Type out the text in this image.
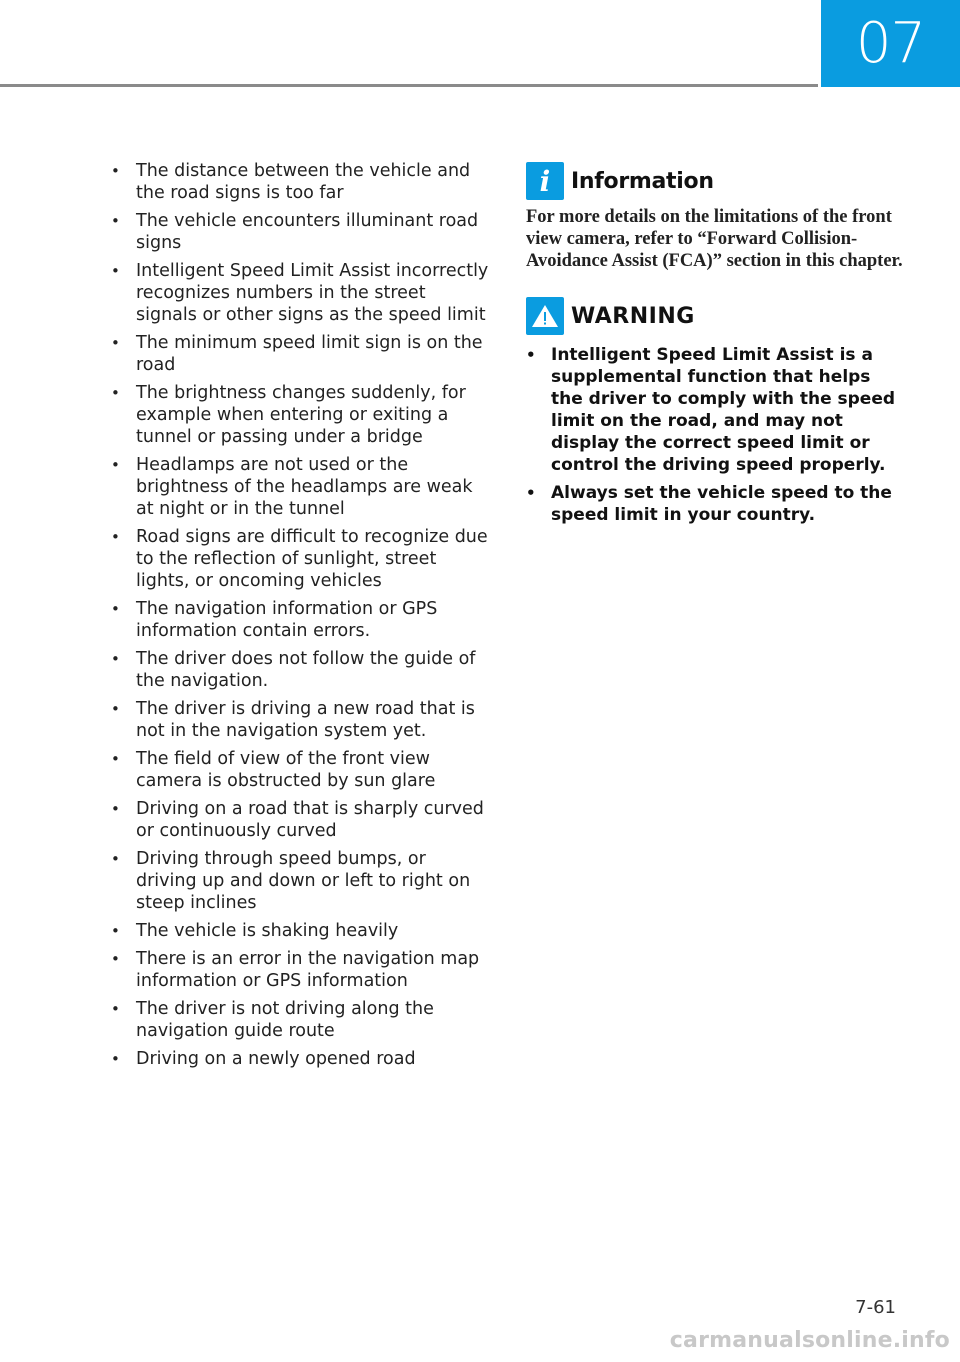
07
• The distance between the vehicle and the road signs is too far
• The vehicle encounters illuminant road signs
• Intelligent Speed Limit Assist incorrectly recognizes numbers in the street signals or other signs as the speed limit
• The minimum speed limit sign is on the road
• The brightness changes suddenly, for example when entering or exiting a tunnel or passing under a bridge
• Headlamps are not used or the brightness of the headlamps are weak at night or in the tunnel
• Road signs are difficult to recognize due to the reflection of sunlight, street lights, or oncoming vehicles
• The navigation information or GPS information contain errors.
• The driver does not follow the guide of the navigation.
• The driver is driving a new road that is not in the navigation system yet.
• The field of view of the front view camera is obstructed by sun glare
• Driving on a road that is sharply curved or continuously curved
• Driving through speed bumps, or driving up and down or left to right on steep inclines
• The vehicle is shaking heavily
• There is an error in the navigation map information or GPS information
• The driver is not driving along the navigation guide route
• Driving on a newly opened road
i Information
For more details on the limitations of the front view camera, refer to “Forward Collision-Avoidance Assist (FCA)” section in this chapter.
WARNING
• Intelligent Speed Limit Assist is a supplemental function that helps the driver to comply with the speed limit on the road, and may not display the correct speed limit or control the driving speed properly.
• Always set the vehicle speed to the speed limit in your country.
7-61
carmanualsonline.info
